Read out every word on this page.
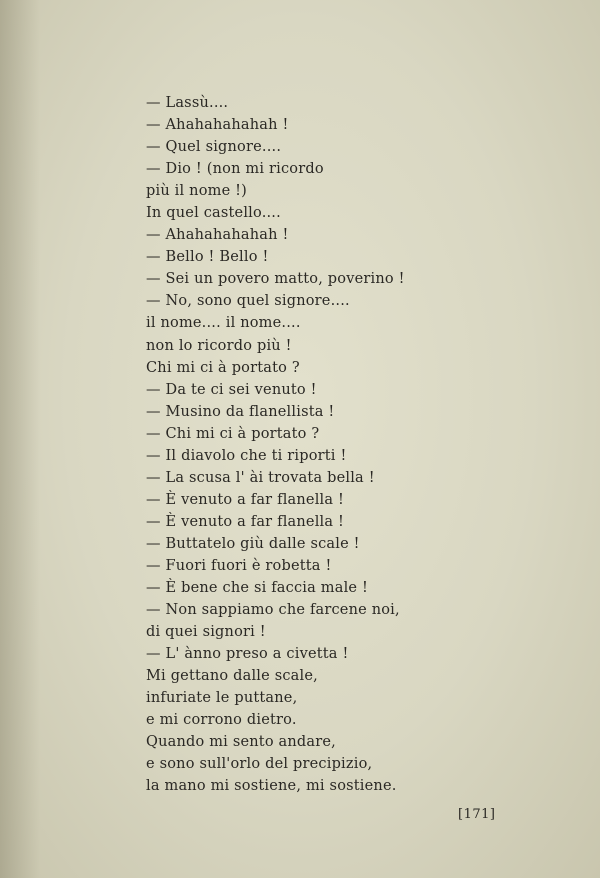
— Lassù....
— Ahahahahahah !
— Quel signore....
— Dio ! (non mi ricordo
più il nome !)
In quel castello....
— Ahahahahahah !
— Bello ! Bello !
— Sei un povero matto, poverino !
— No, sono quel signore....
il nome.... il nome....
non lo ricordo più !
Chi mi ci à portato ?
— Da te ci sei venuto !
— Musino da flanellista !
— Chi mi ci à portato ?
— Il diavolo che ti riporti !
— La scusa l' ài trovata bella !
— È venuto a far flanella !
— È venuto a far flanella !
— Buttatelo giù dalle scale !
— Fuori fuori è robetta !
— È bene che si faccia male !
— Non sappiamo che farcene noi,
di quei signori !
— L' ànno preso a civetta !
Mi gettano dalle scale,
infuriate le puttane,
e mi corrono dietro.
Quando mi sento andare,
e sono sull'orlo del precipizio,
la mano mi sostiene, mi sostiene.
[171]
